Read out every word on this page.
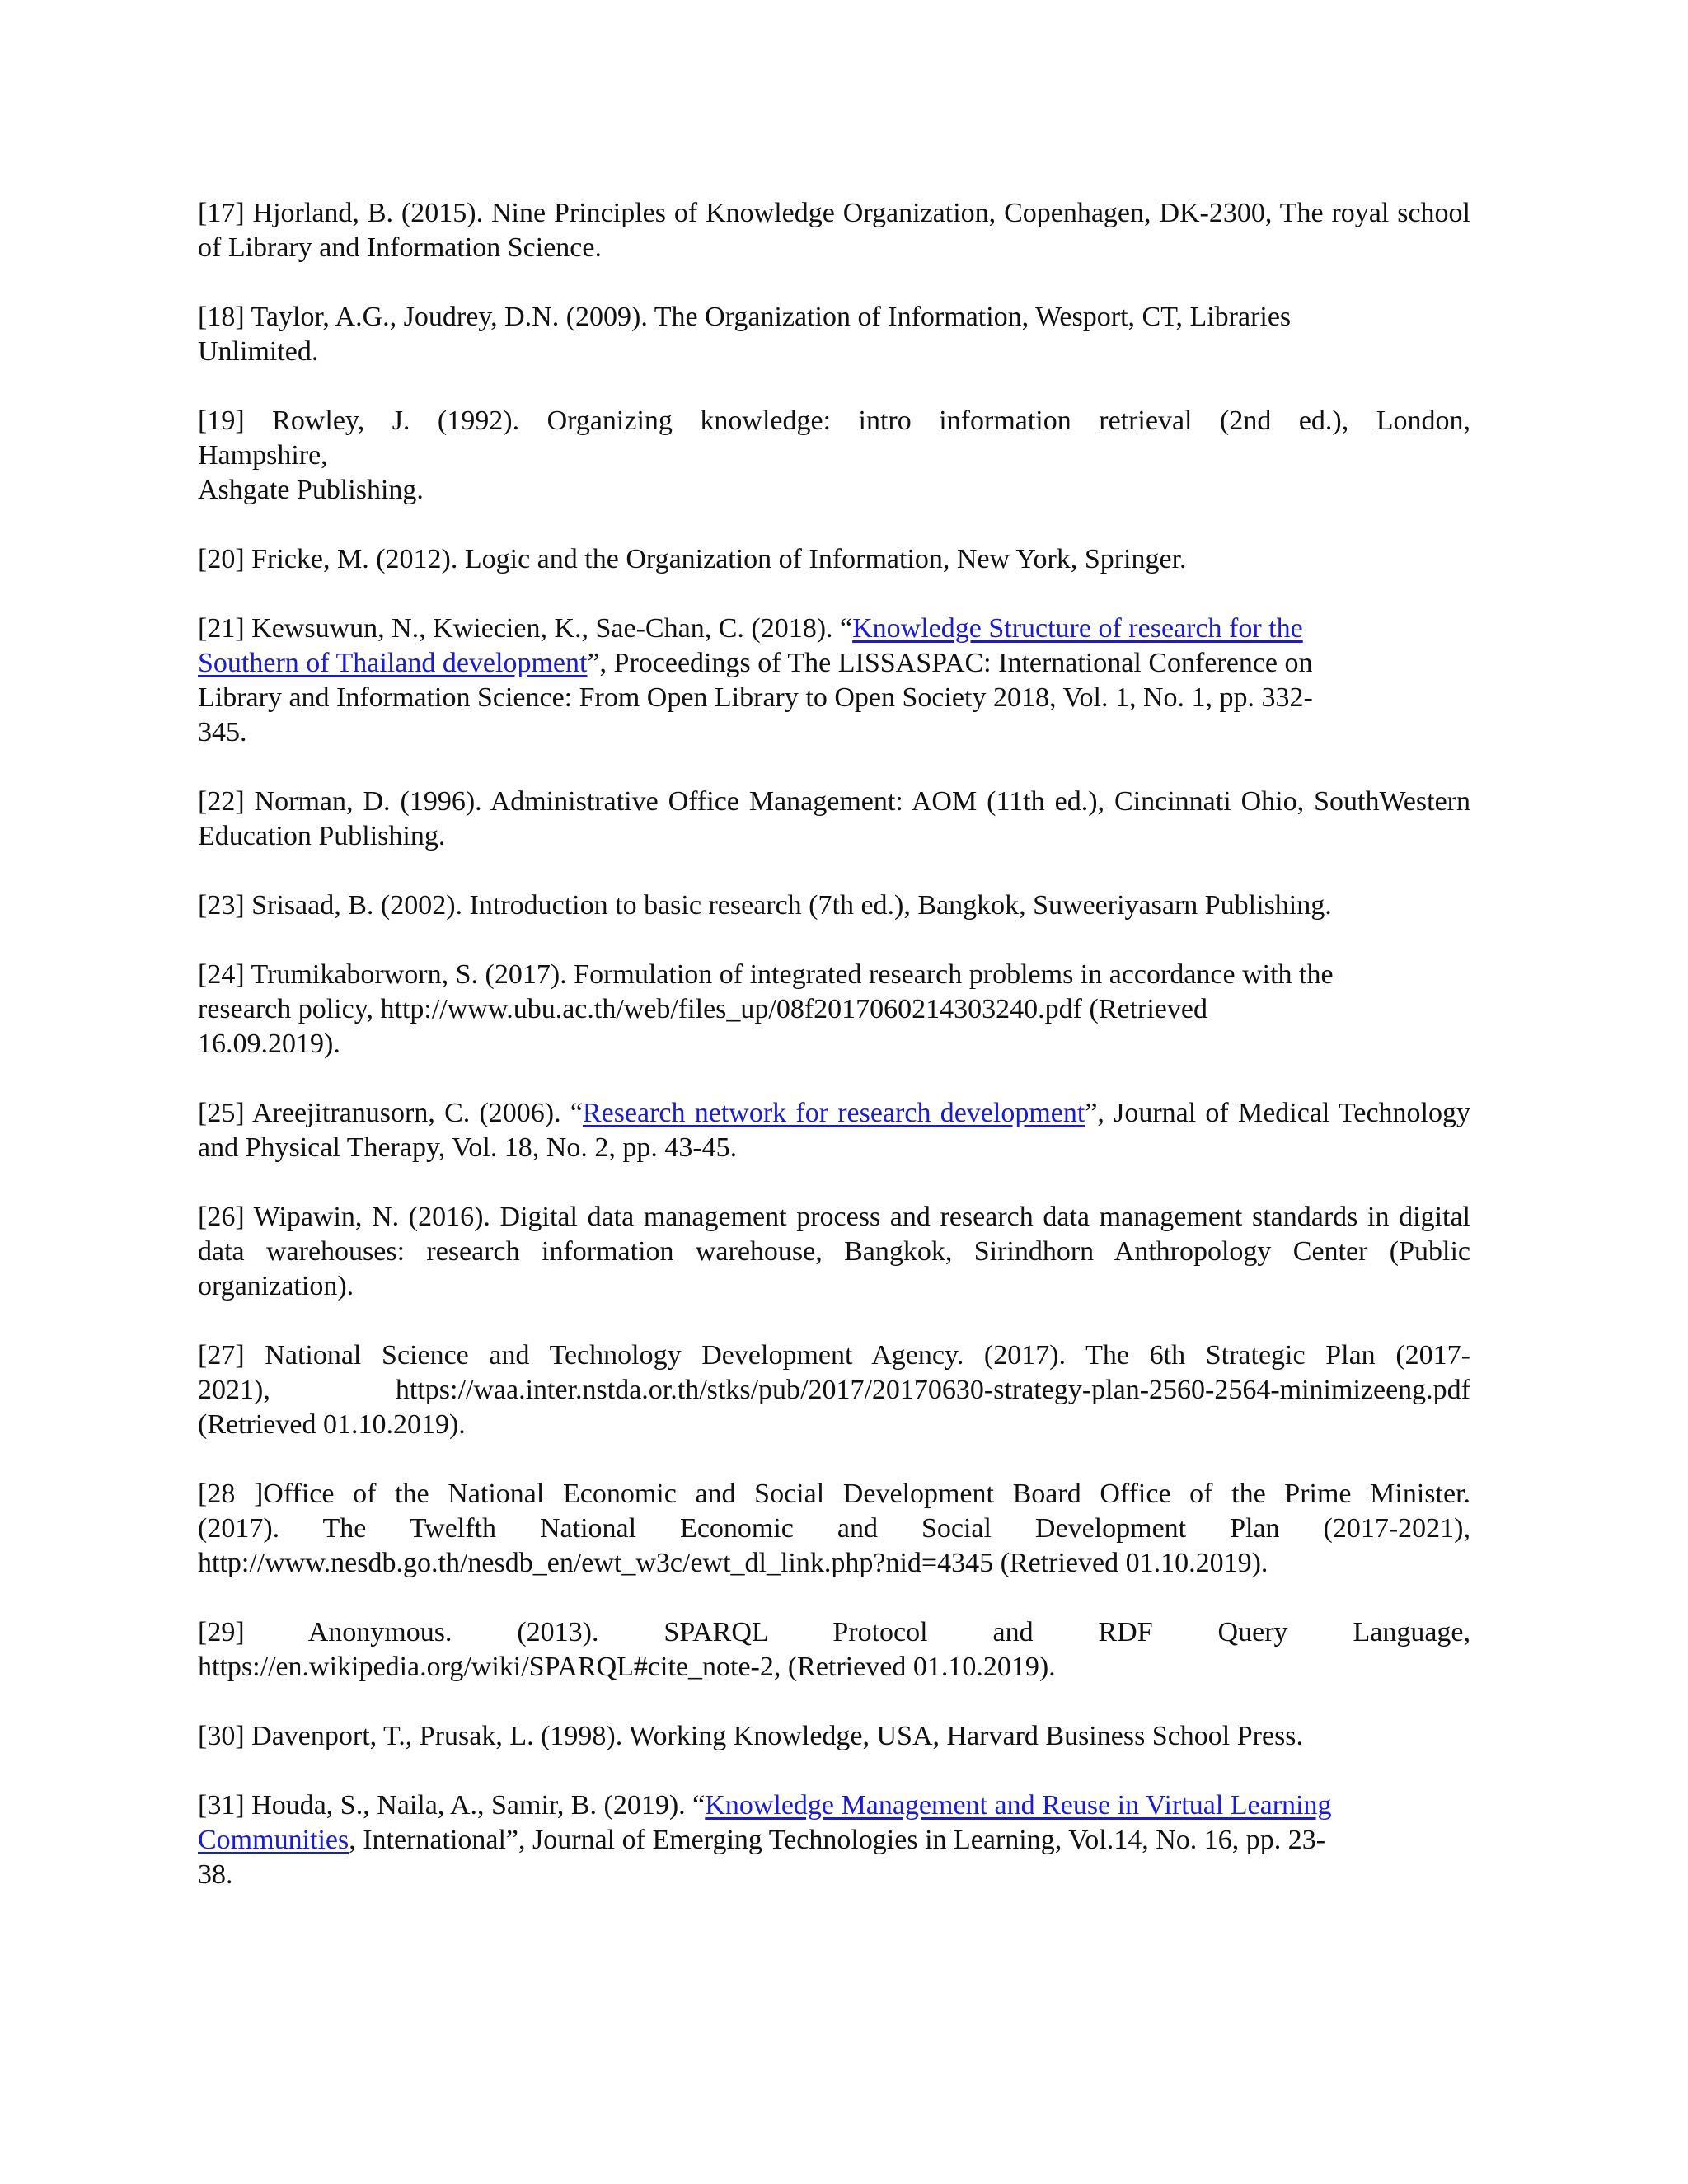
[17] Hjorland, B. (2015). Nine Principles of Knowledge Organization, Copenhagen, DK-2300, The royal school of Library and Information Science.

[18] Taylor, A.G., Joudrey, D.N. (2009). The Organization of Information, Wesport, CT, Libraries
Unlimited.

[19] Rowley, J. (1992). Organizing knowledge: intro information retrieval (2nd ed.), London,
Hampshire,
Ashgate Publishing.

[20] Fricke, M. (2012). Logic and the Organization of Information, New York, Springer.

[21] Kewsuwun, N., Kwiecien, K., Sae-Chan, C. (2018). “Knowledge Structure of research for the
Southern of Thailand development”, Proceedings of The LISSASPAC: International Conference on
Library and Information Science: From Open Library to Open Society 2018, Vol. 1, No. 1, pp. 332-
345.

[22] Norman, D. (1996). Administrative Office Management: AOM (11th ed.), Cincinnati Ohio, SouthWestern Education Publishing.

[23] Srisaad, B. (2002). Introduction to basic research (7th ed.), Bangkok, Suweeriyasarn Publishing.

[24] Trumikaborworn, S. (2017). Formulation of integrated research problems in accordance with the
research policy, http://www.ubu.ac.th/web/files_up/08f2017060214303240.pdf (Retrieved
16.09.2019).

[25] Areejitranusorn, C. (2006). “Research network for research development”, Journal of Medical Technology and Physical Therapy, Vol. 18, No. 2, pp. 43-45.

[26] Wipawin, N. (2016). Digital data management process and research data management standards in digital data warehouses: research information warehouse, Bangkok, Sirindhorn Anthropology Center (Public organization).

[27] National Science and Technology Development Agency. (2017). The 6th Strategic Plan (2017-
2021), https://waa.inter.nstda.or.th/stks/pub/2017/20170630-strategy-plan-2560-2564-minimizeeng.pdf
(Retrieved 01.10.2019).

[28 ]Office of the National Economic and Social Development Board Office of the Prime Minister.
(2017). The Twelfth National Economic and Social Development Plan (2017-2021),
http://www.nesdb.go.th/nesdb_en/ewt_w3c/ewt_dl_link.php?nid=4345 (Retrieved 01.10.2019).

[29] Anonymous. (2013). SPARQL Protocol and RDF Query Language,
https://en.wikipedia.org/wiki/SPARQL#cite_note-2, (Retrieved 01.10.2019).

[30] Davenport, T., Prusak, L. (1998). Working Knowledge, USA, Harvard Business School Press.

[31] Houda, S., Naila, A., Samir, B. (2019). “Knowledge Management and Reuse in Virtual Learning
Communities, International”, Journal of Emerging Technologies in Learning, Vol.14, No. 16, pp. 23-
38.
